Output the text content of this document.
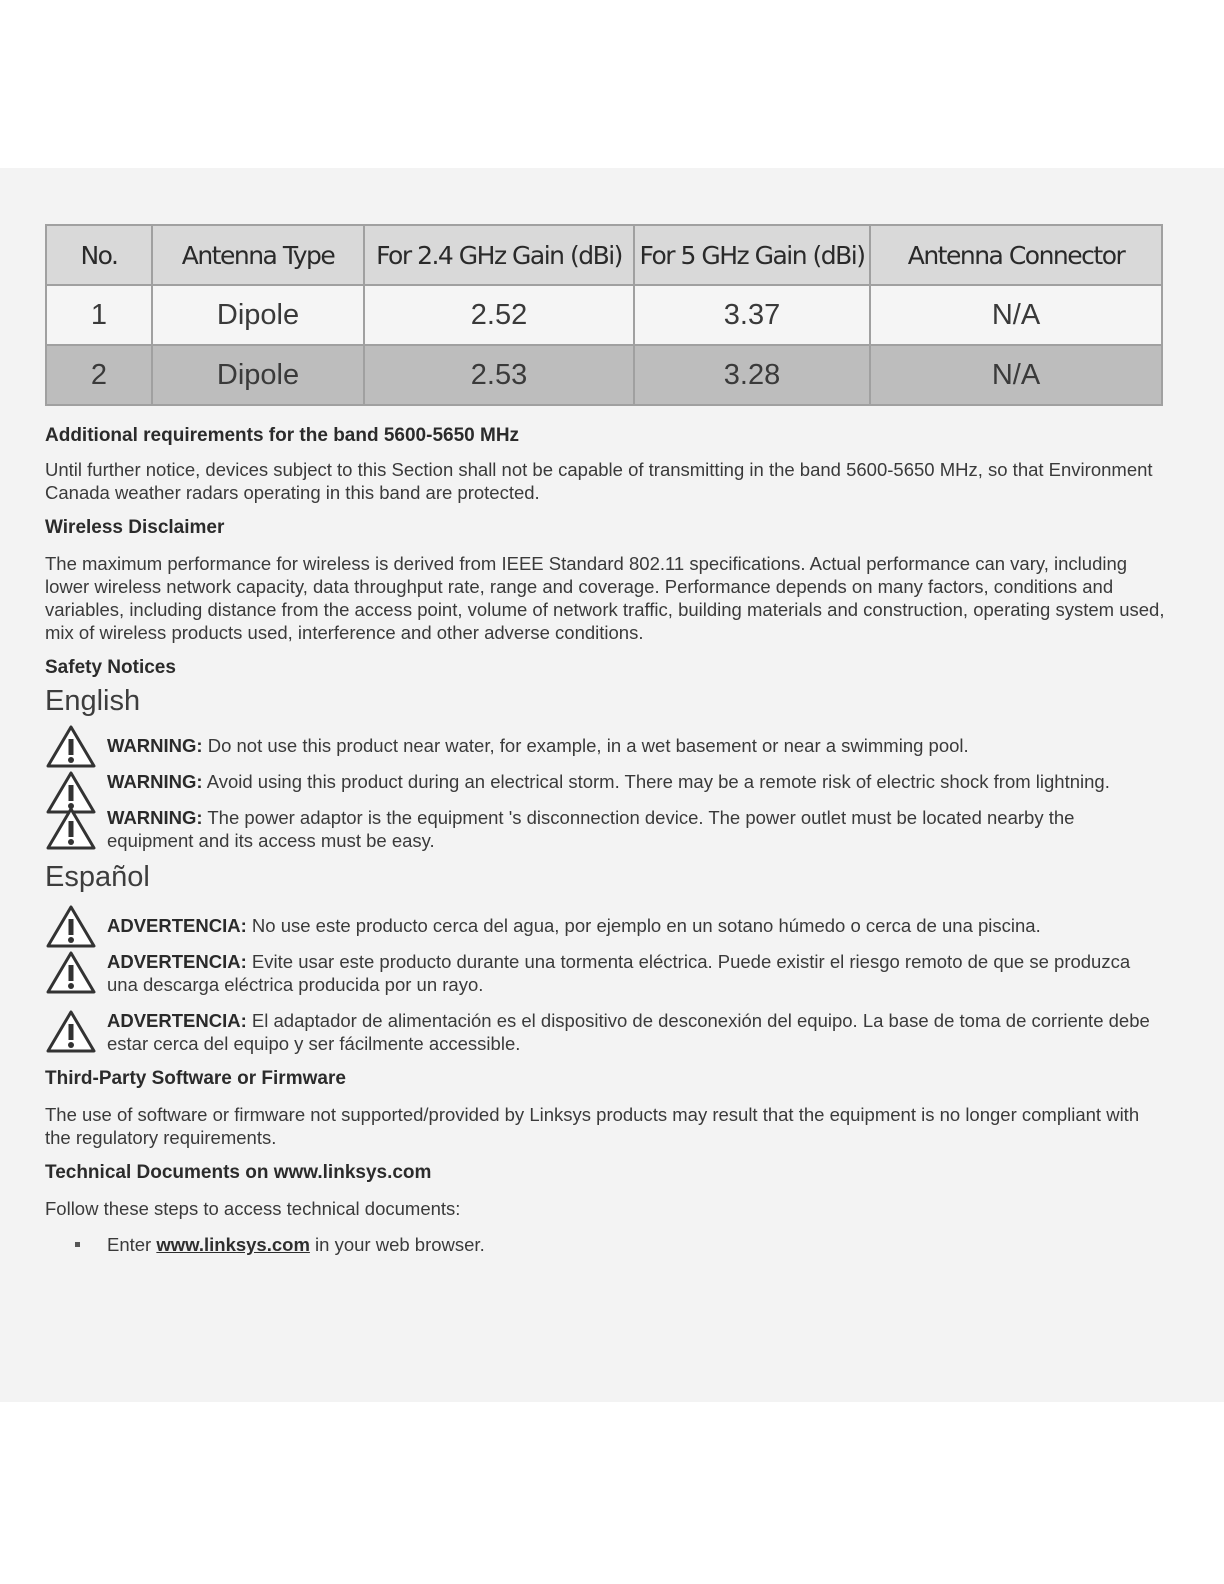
No.	Antenna Type	For 2.4 GHz Gain (dBi)	For 5 GHz Gain (dBi)	Antenna Connector
1	Dipole	2.52	3.37	N/A
2	Dipole	2.53	3.28	N/A

Additional requirements for the band 5600-5650 MHz

Until further notice, devices subject to this Section shall not be capable of transmitting in the band 5600-5650 MHz, so that Environment Canada weather radars operating in this band are protected.

Wireless Disclaimer

The maximum performance for wireless is derived from IEEE Standard 802.11 specifications. Actual performance can vary, including lower wireless network capacity, data throughput rate, range and coverage. Performance depends on many factors, conditions and variables, including distance from the access point, volume of network traffic, building materials and construction, operating system used, mix of wireless products used, interference and other adverse conditions.

Safety Notices

English

WARNING: Do not use this product near water, for example, in a wet basement or near a swimming pool.
WARNING: Avoid using this product during an electrical storm. There may be a remote risk of electric shock from lightning.
WARNING: The power adaptor is the equipment 's disconnection device. The power outlet must be located nearby the equipment and its access must be easy.

Español

ADVERTENCIA: No use este producto cerca del agua, por ejemplo en un sotano húmedo o cerca de una piscina.
ADVERTENCIA: Evite usar este producto durante una tormenta eléctrica. Puede existir el riesgo remoto de que se produzca una descarga eléctrica producida por un rayo.
ADVERTENCIA: El adaptador de alimentación es el dispositivo de desconexión del equipo. La base de toma de corriente debe estar cerca del equipo y ser fácilmente accessible.

Third-Party Software or Firmware

The use of software or firmware not supported/provided by Linksys products may result that the equipment is no longer compliant with the regulatory requirements.

Technical Documents on www.linksys.com

Follow these steps to access technical documents:

Enter www.linksys.com in your web browser.
